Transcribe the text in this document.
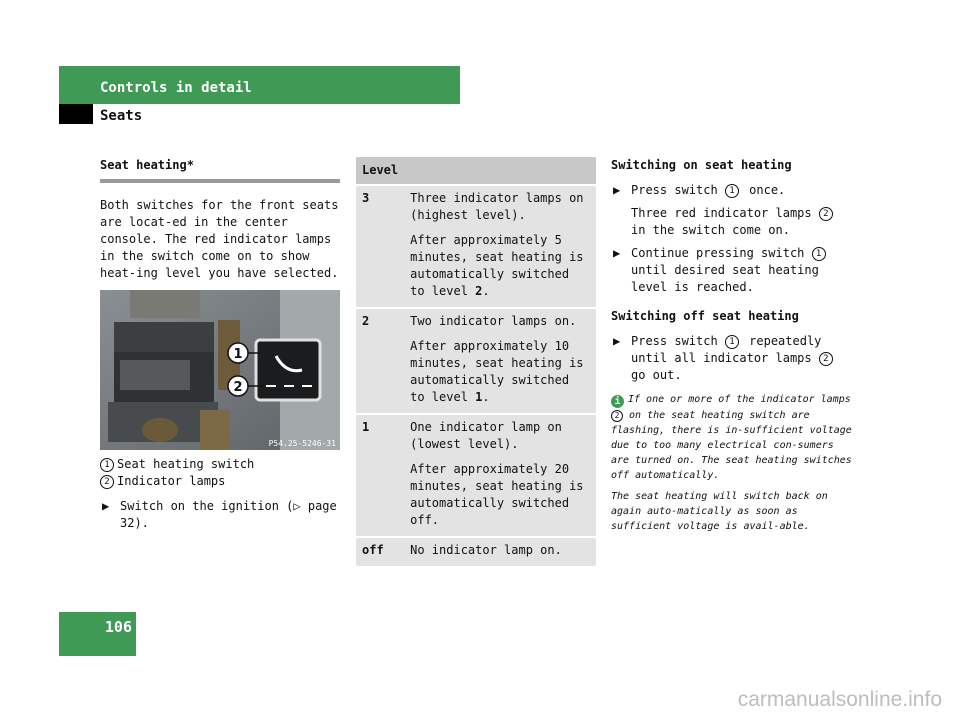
Controls in detail
Seats
Seat heating*

Both switches for the front seats are locat-ed in the center console. The red indicator lamps in the switch come on to show heat-ing level you have selected.

1
2
P54.25-5246-31

1 Seat heating switch

2 Indicator lamps

▶ Switch on the ignition (▷ page 32).
Level	
3	Three indicator lamps on (highest level).
After approximately 5 minutes, seat heating is automatically switched to level 2.

2	Two indicator lamps on.
After approximately 10 minutes, seat heating is automatically switched to level 1.

1	One indicator lamp on (lowest level).
After approximately 20 minutes, seat heating is automatically switched off.

off	No indicator lamp on.
Switching on seat heating
▶ Press switch 1 once.
Three red indicator lamps 2 in the switch come on.
▶ Continue pressing switch 1 until desired seat heating level is reached.
Switching off seat heating
▶ Press switch 1 repeatedly until all indicator lamps 2 go out.

i If one or more of the indicator lamps 2 on the seat heating switch are flashing, there is in-sufficient voltage due to too many electrical con-sumers are turned on. The seat heating switches off automatically.

The seat heating will switch back on again auto-matically as soon as sufficient voltage is avail-able.

106
carmanualsonline.info
